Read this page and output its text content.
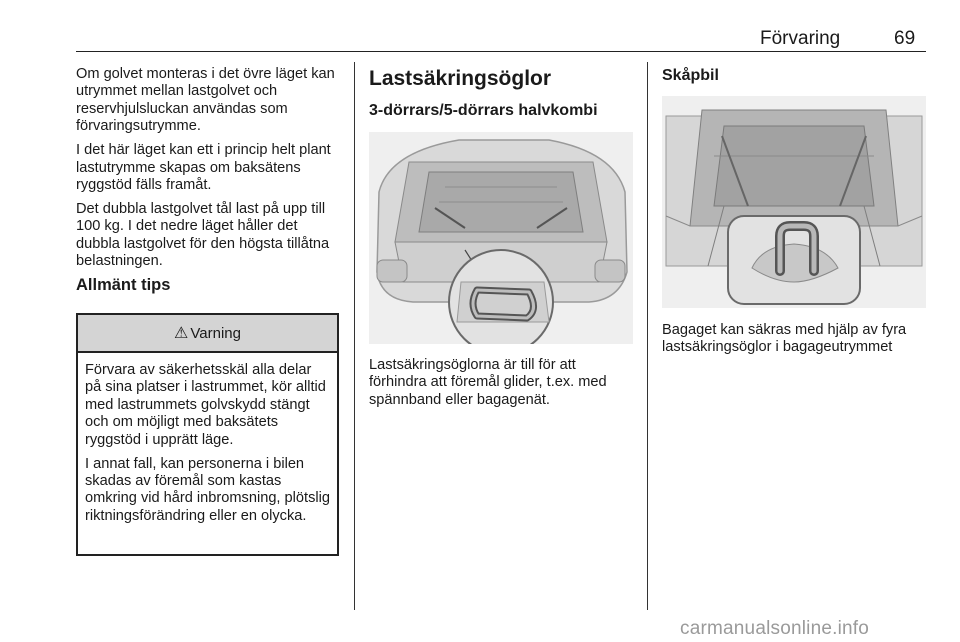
Förvaring	69

Om golvet monteras i det övre läget kan utrymmet mellan lastgolvet och reservhjulsluckan användas som förvaringsutrymme.

I det här läget kan ett i princip helt plant lastutrymme skapas om baksätens ryggstöd fälls framåt.

Det dubbla lastgolvet tål last på upp till 100 kg. I det nedre läget håller det dubbla lastgolvet för den högsta tillåtna belastningen.

Allmänt tips
⚠ Varning

Förvara av säkerhetsskäl alla delar på sina platser i lastrummet, kör alltid med lastrummets golvskydd stängt och om möjligt med baksätets ryggstöd i upprätt läge.

I annat fall, kan personerna i bilen skadas av föremål som kastas omkring vid hård inbromsning, plötslig riktningsförändring eller en olycka.

Lastsäkringsöglor
3-dörrars/5-dörrars halvkombi

Lastsäkringsöglorna är till för att förhindra att föremål glider, t.ex. med spännband eller bagagenät.

Skåpbil

Bagaget kan säkras med hjälp av fyra lastsäkringsöglor i bagageutrymmet

carmanualsonline.info
